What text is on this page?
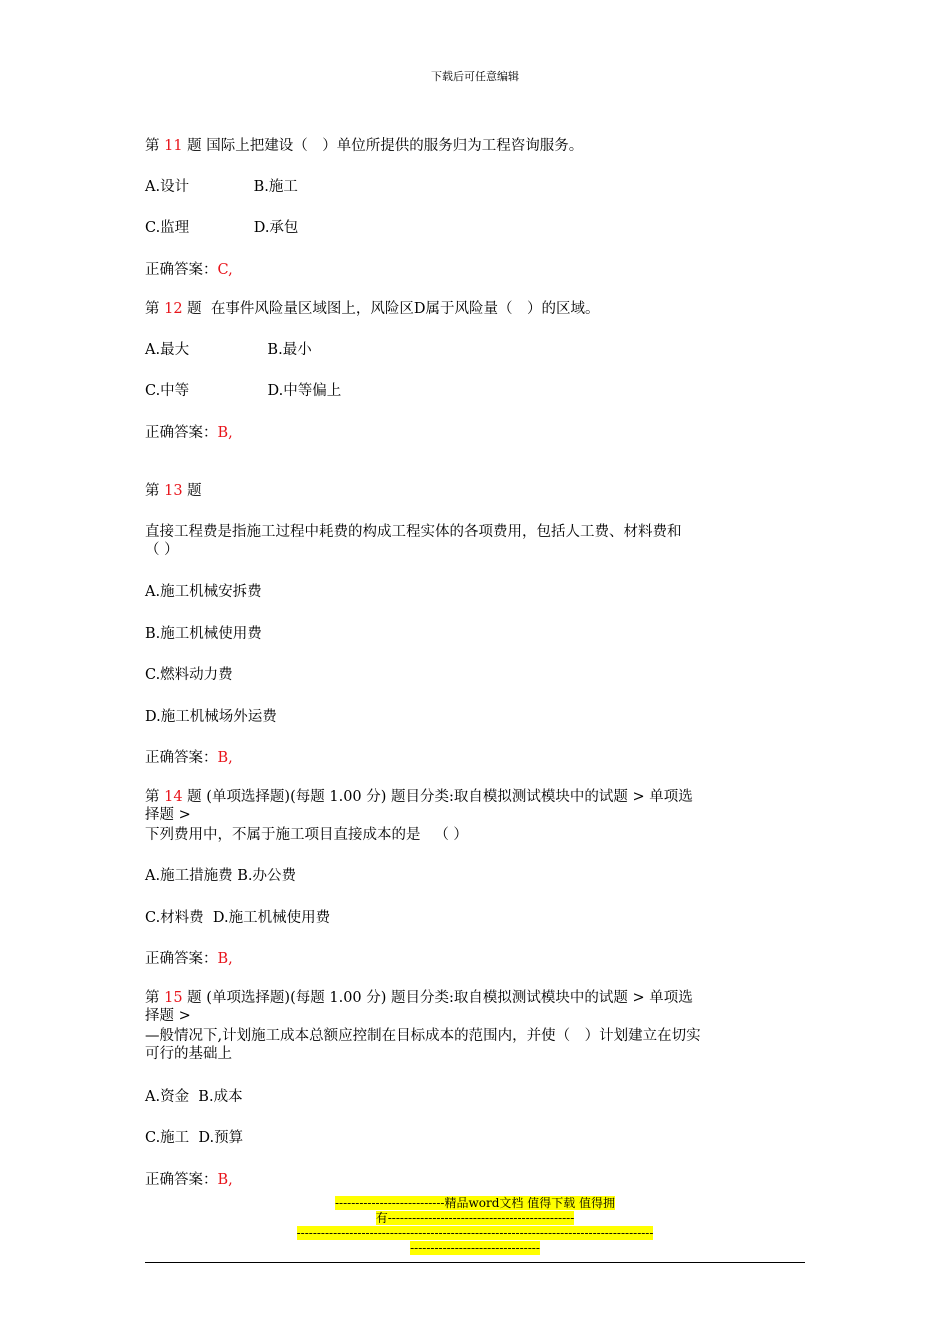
下载后可任意编辑
第 11 题 国际上把建设（　）单位所提供的服务归为工程咨询服务。
A.设计              B.施工
C.监理              D.承包
正确答案：C,
第 12 题  在事件风险量区域图上，风险区D属于风险量（　）的区域。
A.最大                 B.最小
C.中等                 D.中等偏上
正确答案：B,
第 13 题
直接工程费是指施工过程中耗费的构成工程实体的各项费用，包括人工费、材料费和
（ ）
A.施工机械安拆费
B.施工机械使用费
C.燃料动力费
D.施工机械场外运费
正确答案：B,
第 14 题 (单项选择题)(每题 1.00 分) 题目分类:取自模拟测试模块中的试题 > 单项选
择题 >
下列费用中，不属于施工项目直接成本的是   （ ）
A.施工措施费 B.办公费
C.材料费  D.施工机械使用费
正确答案：B,
第 15 题 (单项选择题)(每题 1.00 分) 题目分类:取自模拟测试模块中的试题 > 单项选
择题 >
—般情况下,计划施工成本总额应控制在目标成本的范围内，并使（　）计划建立在切实
可行的基础上
A.资金  B.成本
C.施工  D.预算
正确答案：B,
---------------------------精品word文档 值得下载 值得拥
有----------------------------------------------
----------------------------------------------------------------------------------------
--------------------------------
